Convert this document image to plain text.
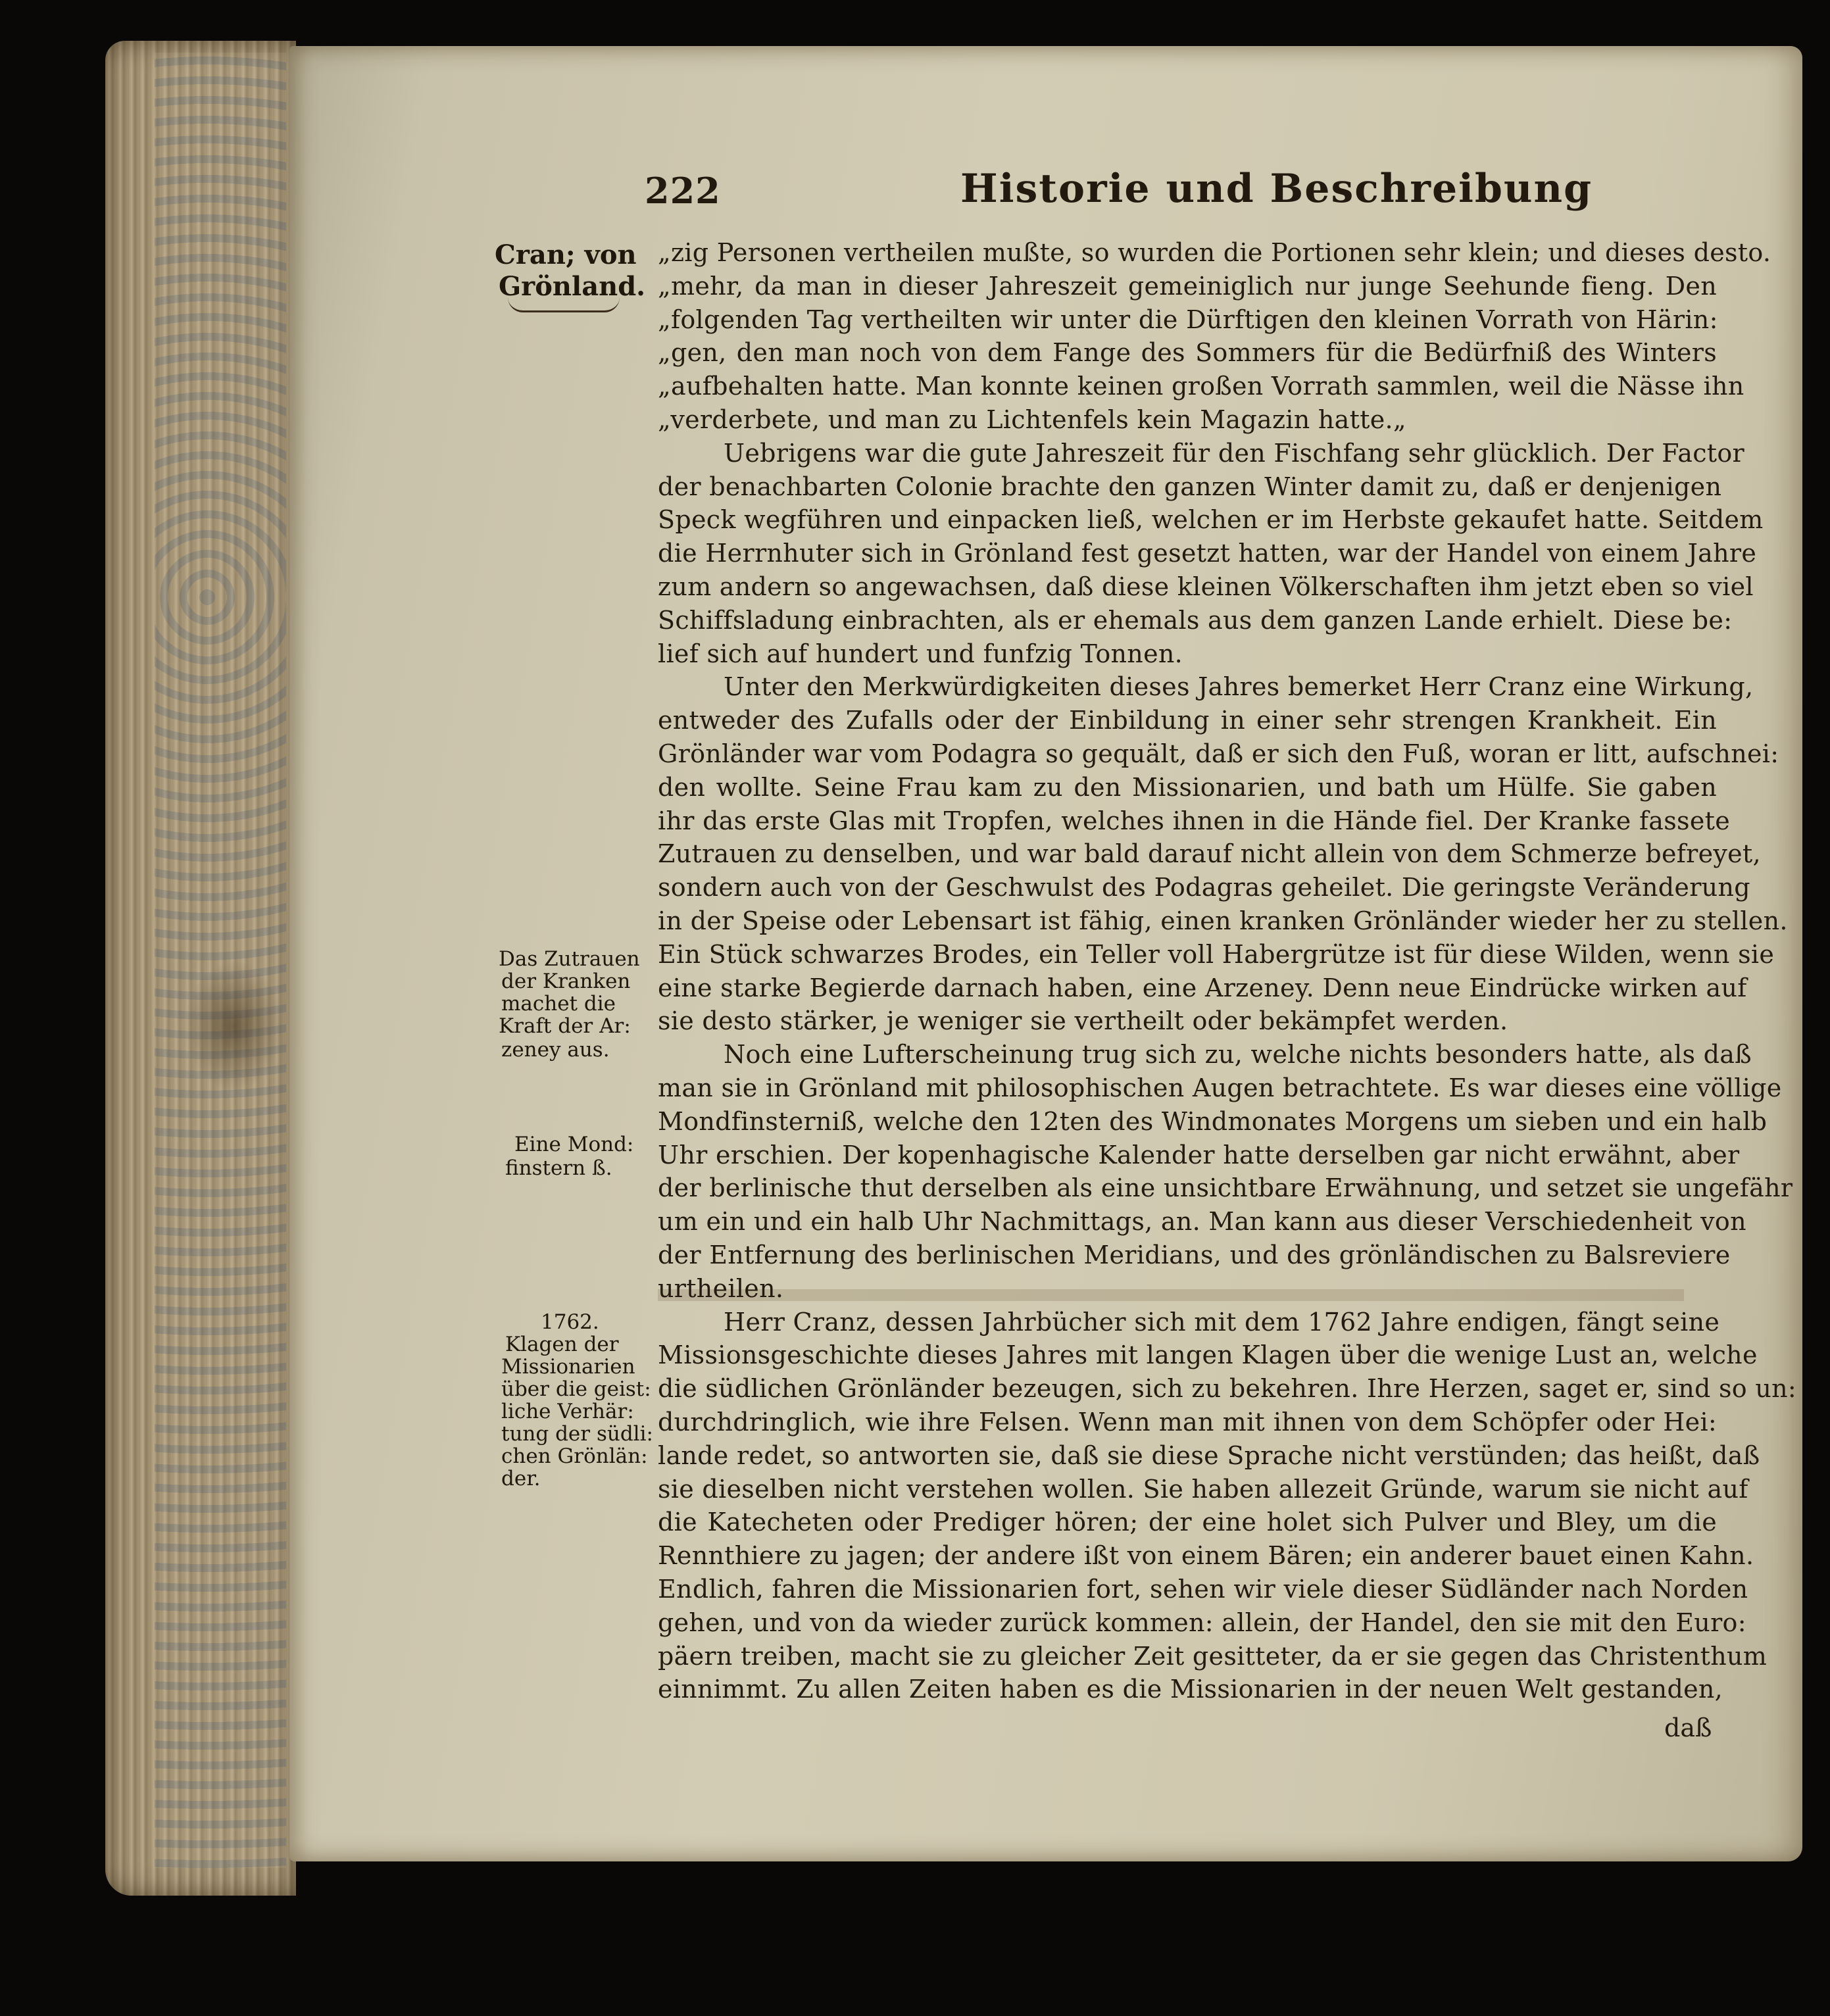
222	Historie und Beschreibung
Cran; von
Grönland.
Das Zutrauen
der Kranken
machet die
Kraft der Ar:
zeney aus.
Eine Mond:
finstern ß.
1762.
Klagen der
Missionarien
über die geist:
liche Verhär:
tung der südli:
chen Grönlän:
der.
„zig Personen vertheilen mußte, so wurden die Portionen sehr klein; und dieses desto.
„mehr, da man in dieser Jahreszeit gemeiniglich nur junge Seehunde fieng. Den
„folgenden Tag vertheilten wir unter die Dürftigen den kleinen Vorrath von Härin:
„gen, den man noch von dem Fange des Sommers für die Bedürfniß des Winters
„aufbehalten hatte. Man konnte keinen großen Vorrath sammlen, weil die Nässe ihn
„verderbete, und man zu Lichtenfels kein Magazin hatte.„
Uebrigens war die gute Jahreszeit für den Fischfang sehr glücklich. Der Factor
der benachbarten Colonie brachte den ganzen Winter damit zu, daß er denjenigen
Speck wegführen und einpacken ließ, welchen er im Herbste gekaufet hatte. Seitdem
die Herrnhuter sich in Grönland fest gesetzt hatten, war der Handel von einem Jahre
zum andern so angewachsen, daß diese kleinen Völkerschaften ihm jetzt eben so viel
Schiffsladung einbrachten, als er ehemals aus dem ganzen Lande erhielt. Diese be:
lief sich auf hundert und funfzig Tonnen.
Unter den Merkwürdigkeiten dieses Jahres bemerket Herr Cranz eine Wirkung,
entweder des Zufalls oder der Einbildung in einer sehr strengen Krankheit. Ein
Grönländer war vom Podagra so gequält, daß er sich den Fuß, woran er litt, aufschnei:
den wollte. Seine Frau kam zu den Missionarien, und bath um Hülfe. Sie gaben
ihr das erste Glas mit Tropfen, welches ihnen in die Hände fiel. Der Kranke fassete
Zutrauen zu denselben, und war bald darauf nicht allein von dem Schmerze befreyet,
sondern auch von der Geschwulst des Podagras geheilet. Die geringste Veränderung
in der Speise oder Lebensart ist fähig, einen kranken Grönländer wieder her zu stellen.
Ein Stück schwarzes Brodes, ein Teller voll Habergrütze ist für diese Wilden, wenn sie
eine starke Begierde darnach haben, eine Arzeney. Denn neue Eindrücke wirken auf
sie desto stärker, je weniger sie vertheilt oder bekämpfet werden.
Noch eine Lufterscheinung trug sich zu, welche nichts besonders hatte, als daß
man sie in Grönland mit philosophischen Augen betrachtete. Es war dieses eine völlige
Mondfinsterniß, welche den 12ten des Windmonates Morgens um sieben und ein halb
Uhr erschien. Der kopenhagische Kalender hatte derselben gar nicht erwähnt, aber
der berlinische thut derselben als eine unsichtbare Erwähnung, und setzet sie ungefähr
um ein und ein halb Uhr Nachmittags, an. Man kann aus dieser Verschiedenheit von
der Entfernung des berlinischen Meridians, und des grönländischen zu Balsreviere
urtheilen.
Herr Cranz, dessen Jahrbücher sich mit dem 1762 Jahre endigen, fängt seine
Missionsgeschichte dieses Jahres mit langen Klagen über die wenige Lust an, welche
die südlichen Grönländer bezeugen, sich zu bekehren. Ihre Herzen, saget er, sind so un:
durchdringlich, wie ihre Felsen. Wenn man mit ihnen von dem Schöpfer oder Hei:
lande redet, so antworten sie, daß sie diese Sprache nicht verstünden; das heißt, daß
sie dieselben nicht verstehen wollen. Sie haben allezeit Gründe, warum sie nicht auf
die Katecheten oder Prediger hören; der eine holet sich Pulver und Bley, um die
Rennthiere zu jagen; der andere ißt von einem Bären; ein anderer bauet einen Kahn.
Endlich, fahren die Missionarien fort, sehen wir viele dieser Südländer nach Norden
gehen, und von da wieder zurück kommen: allein, der Handel, den sie mit den Euro:
päern treiben, macht sie zu gleicher Zeit gesitteter, da er sie gegen das Christenthum
einnimmt. Zu allen Zeiten haben es die Missionarien in der neuen Welt gestanden,
daß
